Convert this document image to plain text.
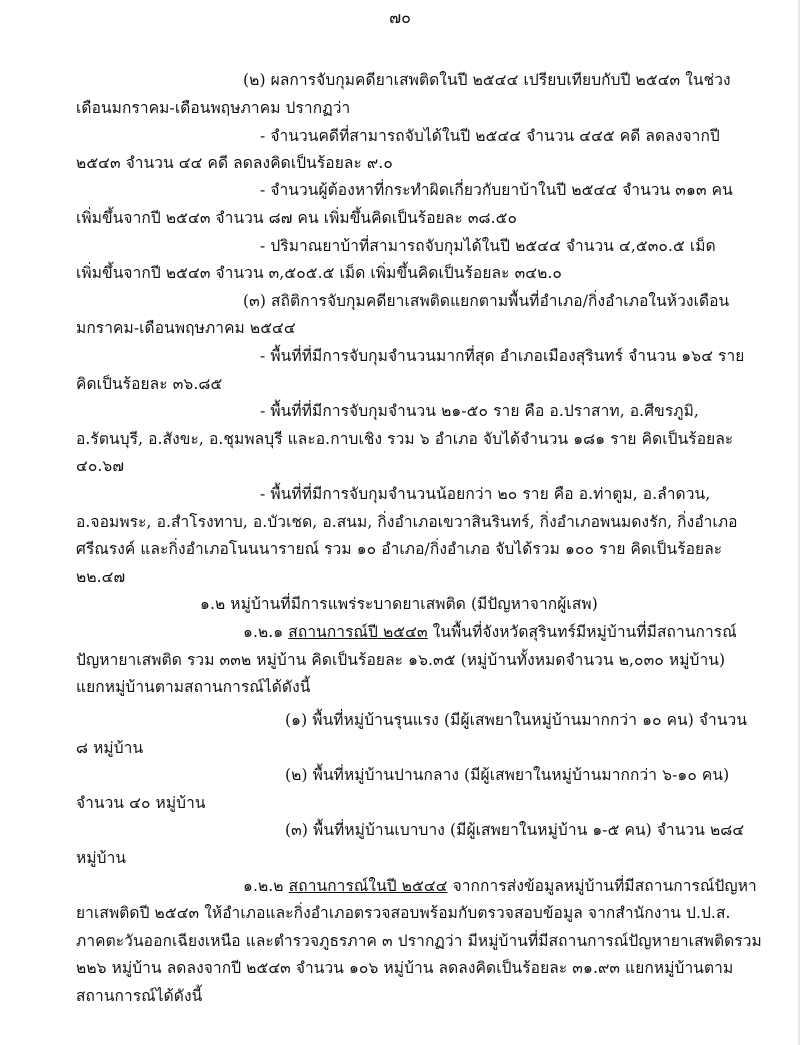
๗๐
(๒) ผลการจับกุมคดียาเสพติดในปี ๒๕๔๔ เปรียบเทียบกับปี ๒๕๔๓ ในช่วง
เดือนมกราคม-เดือนพฤษภาคม ปรากฏว่า
- จำนวนคดีที่สามารถจับได้ในปี ๒๕๔๔ จำนวน ๔๔๕ คดี ลดลงจากปี
๒๕๔๓ จำนวน ๔๔ คดี ลดลงคิดเป็นร้อยละ ๙.๐
- จำนวนผู้ต้องหาที่กระทำผิดเกี่ยวกับยาบ้าในปี ๒๕๔๔ จำนวน ๓๑๓ คน
เพิ่มขึ้นจากปี ๒๕๔๓ จำนวน ๘๗ คน เพิ่มขึ้นคิดเป็นร้อยละ ๓๘.๕๐
- ปริมาณยาบ้าที่สามารถจับกุมได้ในปี ๒๕๔๔ จำนวน ๔,๕๓๐.๕ เม็ด
เพิ่มขึ้นจากปี ๒๕๔๓ จำนวน ๓,๕๐๕.๕ เม็ด เพิ่มขึ้นคิดเป็นร้อยละ ๓๔๒.๐
(๓) สถิติการจับกุมคดียาเสพติดแยกตามพื้นที่อำเภอ/กิ่งอำเภอในห้วงเดือน
มกราคม-เดือนพฤษภาคม ๒๕๔๔
- พื้นที่ที่มีการจับกุมจำนวนมากที่สุด อำเภอเมืองสุรินทร์ จำนวน ๑๖๔ ราย
คิดเป็นร้อยละ ๓๖.๘๕
- พื้นที่ที่มีการจับกุมจำนวน ๒๑-๕๐ ราย คือ อ.ปราสาท, อ.ศีขรภูมิ,
อ.รัตนบุรี, อ.สังขะ, อ.ชุมพลบุรี และอ.กาบเชิง รวม ๖ อำเภอ จับได้จำนวน ๑๘๑ ราย คิดเป็นร้อยละ
๔๐.๖๗
- พื้นที่ที่มีการจับกุมจำนวนน้อยกว่า ๒๐ ราย คือ อ.ท่าตูม, อ.ลำดวน,
อ.จอมพระ, อ.สำโรงทาบ, อ.บัวเชด, อ.สนม, กิ่งอำเภอเขวาสินรินทร์, กิ่งอำเภอพนมดงรัก, กิ่งอำเภอ
ศรีณรงค์ และกิ่งอำเภอโนนนารายณ์ รวม ๑๐ อำเภอ/กิ่งอำเภอ จับได้รวม ๑๐๐ ราย คิดเป็นร้อยละ
๒๒.๔๗
๑.๒ หมู่บ้านที่มีการแพร่ระบาดยาเสพติด (มีปัญหาจากผู้เสพ)
๑.๒.๑ สถานการณ์ปี ๒๕๔๓ ในพื้นที่จังหวัดสุรินทร์มีหมู่บ้านที่มีสถานการณ์
ปัญหายาเสพติด รวม ๓๓๒ หมู่บ้าน คิดเป็นร้อยละ ๑๖.๓๕ (หมู่บ้านทั้งหมดจำนวน ๒,๐๓๐ หมู่บ้าน)
แยกหมู่บ้านตามสถานการณ์ได้ดังนี้
(๑) พื้นที่หมู่บ้านรุนแรง (มีผู้เสพยาในหมู่บ้านมากกว่า ๑๐ คน) จำนวน
๘ หมู่บ้าน
(๒) พื้นที่หมู่บ้านปานกลาง (มีผู้เสพยาในหมู่บ้านมากกว่า ๖-๑๐ คน)
จำนวน ๔๐ หมู่บ้าน
(๓) พื้นที่หมู่บ้านเบาบาง (มีผู้เสพยาในหมู่บ้าน ๑-๕ คน) จำนวน ๒๘๔
หมู่บ้าน
๑.๒.๒ สถานการณ์ในปี ๒๕๔๔ จากการส่งข้อมูลหมู่บ้านที่มีสถานการณ์ปัญหา
ยาเสพติดปี ๒๕๔๓ ให้อำเภอและกิ่งอำเภอตรวจสอบพร้อมกับตรวจสอบข้อมูล จากสำนักงาน ป.ป.ส.
ภาคตะวันออกเฉียงเหนือ และตำรวจภูธรภาค ๓ ปรากฏว่า มีหมู่บ้านที่มีสถานการณ์ปัญหายาเสพติดรวม
๒๒๖ หมู่บ้าน ลดลงจากปี ๒๕๔๓ จำนวน ๑๐๖ หมู่บ้าน ลดลงคิดเป็นร้อยละ ๓๑.๙๓ แยกหมู่บ้านตาม
สถานการณ์ได้ดังนี้
